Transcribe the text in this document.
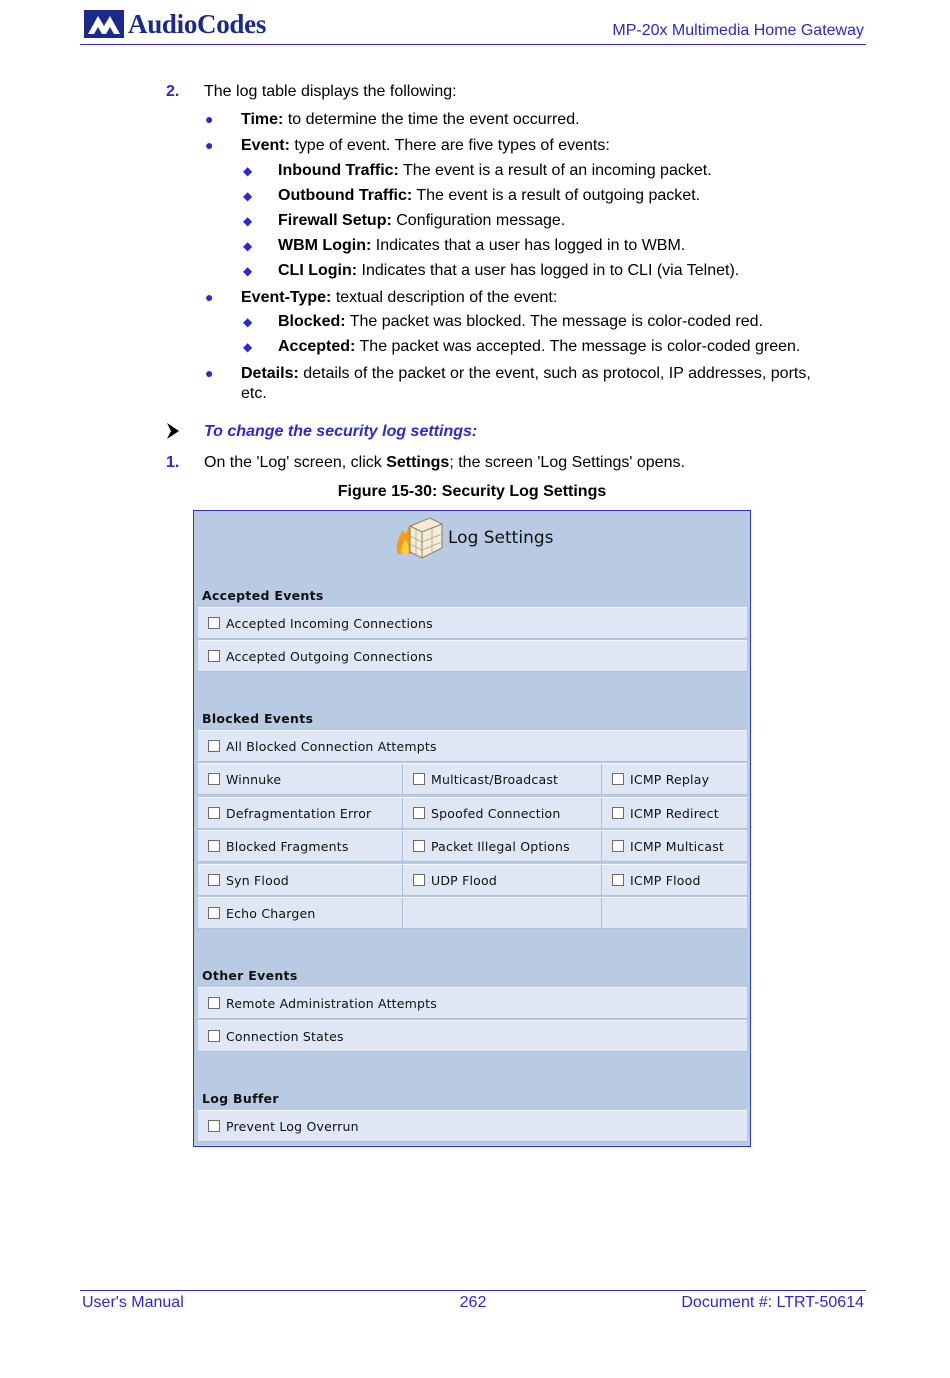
AudioCodes	MP-20x Multimedia Home Gateway
2. The log table displays the following:
● Time: to determine the time the event occurred.
● Event: type of event. There are five types of events:
◆ Inbound Traffic: The event is a result of an incoming packet.
◆ Outbound Traffic: The event is a result of outgoing packet.
◆ Firewall Setup: Configuration message.
◆ WBM Login: Indicates that a user has logged in to WBM.
◆ CLI Login: Indicates that a user has logged in to CLI (via Telnet).
● Event-Type: textual description of the event:
◆ Blocked: The packet was blocked. The message is color-coded red.
◆ Accepted: The packet was accepted. The message is color-coded green.
● Details: details of the packet or the event, such as protocol, IP addresses, ports,
etc.
To change the security log settings:
1. On the 'Log' screen, click Settings; the screen 'Log Settings' opens.
Figure 15-30: Security Log Settings
Log Settings
Accepted Events
Accepted Incoming Connections
Accepted Outgoing Connections
Blocked Events
All Blocked Connection Attempts
Winnuke	Multicast/Broadcast	ICMP Replay
Defragmentation Error	Spoofed Connection	ICMP Redirect
Blocked Fragments	Packet Illegal Options	ICMP Multicast
Syn Flood	UDP Flood	ICMP Flood
Echo Chargen
Other Events
Remote Administration Attempts
Connection States
Log Buffer
Prevent Log Overrun
User's Manual	262	Document #: LTRT-50614
